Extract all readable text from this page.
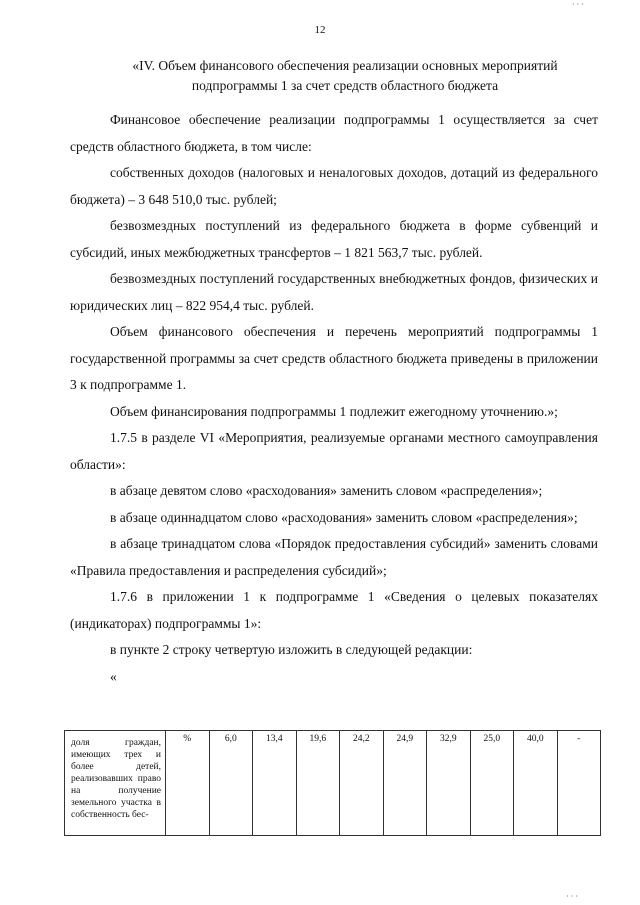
· · ·
12
«IV. Объем финансового обеспечения реализации основных мероприятий
подпрограммы 1 за счет средств областного бюджета

Финансовое обеспечение реализации подпрограммы 1 осуществляется за счет средств областного бюджета, в том числе:

собственных доходов (налоговых и неналоговых доходов, дотаций из федерального бюджета) – 3 648 510,0 тыс. рублей;

безвозмездных поступлений из федерального бюджета в форме субвенций и субсидий, иных межбюджетных трансфертов – 1 821 563,7 тыс. рублей.

безвозмездных поступлений государственных внебюджетных фондов, физических и юридических лиц – 822 954,4 тыс. рублей.

Объем финансового обеспечения и перечень мероприятий подпрограммы 1 государственной программы за счет средств областного бюджета приведены в приложении 3 к подпрограмме 1.

Объем финансирования подпрограммы 1 подлежит ежегодному уточнению.»;

1.7.5 в разделе VI «Мероприятия, реализуемые органами местного самоуправления области»:

в абзаце девятом слово «расходования» заменить словом «распределения»;

в абзаце одиннадцатом слово «расходования» заменить словом «распределения»;

в абзаце тринадцатом слова «Порядок предоставления субсидий» заменить словами «Правила предоставления и распределения субсидий»;

1.7.6 в приложении 1 к подпрограмме 1 «Сведения о целевых показателях (индикаторах) подпрограммы 1»:

в пункте 2 строку четвертую изложить в следующей редакции:

«
доля граждан, имеющих трех и более детей, реализовавших право на получение земельного участка в собственность бес-	%	6,0	13,4	19,6	24,2	24,9	32,9	25,0	40,0	-
· · ·
